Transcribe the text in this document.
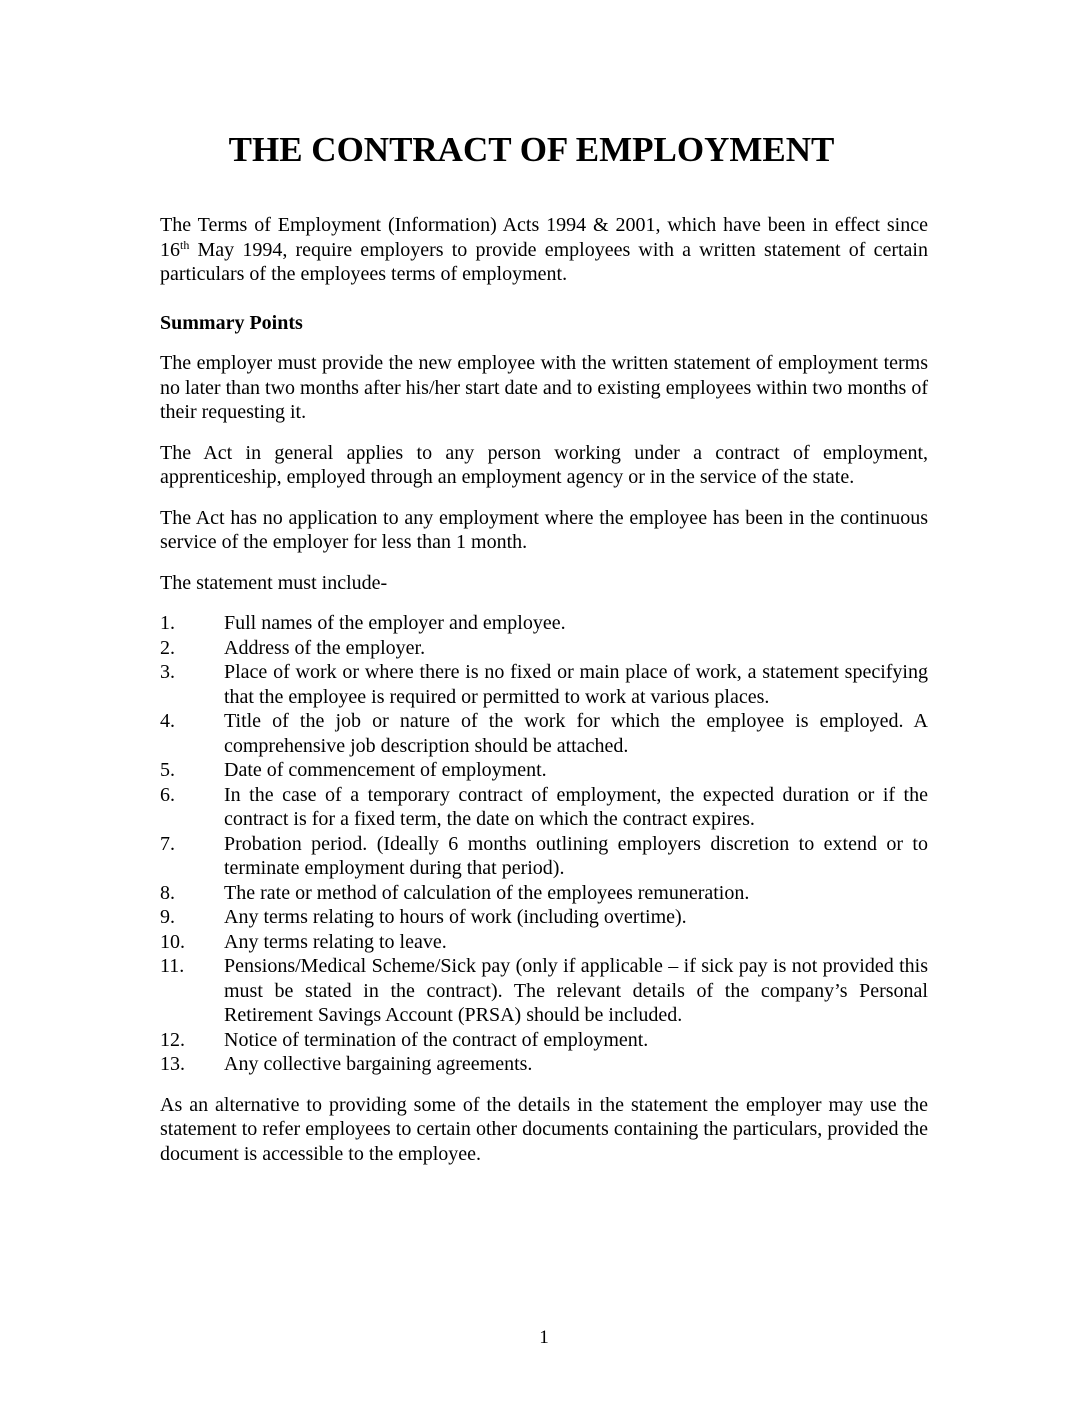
THE CONTRACT OF EMPLOYMENT

The Terms of Employment (Information) Acts 1994 & 2001, which have been in effect since 16th May 1994, require employers to provide employees with a written statement of certain particulars of the employees terms of employment.

Summary Points

The employer must provide the new employee with the written statement of employment terms no later than two months after his/her start date and to existing employees within two months of their requesting it.

The Act in general applies to any person working under a contract of employment, apprenticeship, employed through an employment agency or in the service of the state.

The Act has no application to any employment where the employee has been in the continuous service of the employer for less than 1 month.

The statement must include-

1.	Full names of the employer and employee.
2.	Address of the employer.
3.	Place of work or where there is no fixed or main place of work, a statement specifying that the employee is required or permitted to work at various places.
4.	Title of the job or nature of the work for which the employee is employed. A comprehensive job description should be attached.
5.	Date of commencement of employment.
6.	In the case of a temporary contract of employment, the expected duration or if the contract is for a fixed term, the date on which the contract expires.
7.	Probation period. (Ideally 6 months outlining employers discretion to extend or to terminate employment during that period).
8.	The rate or method of calculation of the employees remuneration.
9.	Any terms relating to hours of work (including overtime).
10.	Any terms relating to leave.
11.	Pensions/Medical Scheme/Sick pay (only if applicable – if sick pay is not provided this must be stated in the contract). The relevant details of the company’s Personal Retirement Savings Account (PRSA) should be included.
12.	Notice of termination of the contract of employment.
13.	Any collective bargaining agreements.

As an alternative to providing some of the details in the statement the employer may use the statement to refer employees to certain other documents containing the particulars, provided the document is accessible to the employee.

1
